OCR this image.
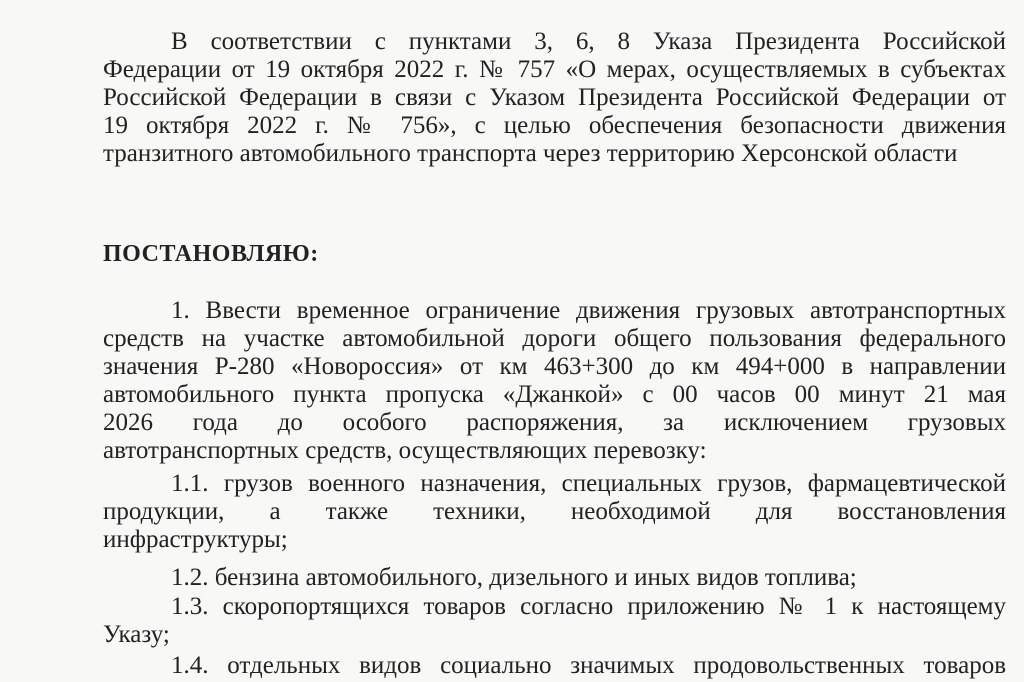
В соответствии с пунктами 3, 6, 8 Указа Президента Российской
Федерации от 19 октября 2022 г. № 757 «О мерах, осуществляемых в субъектах
Российской Федерации в связи с Указом Президента Российской Федерации от
19 октября 2022 г. № 756», с целью обеспечения безопасности движения
транзитного автомобильного транспорта через территорию Херсонской области
ПОСТАНОВЛЯЮ:
1. Ввести временное ограничение движения грузовых автотранспортных
средств на участке автомобильной дороги общего пользования федерального
значения Р-280 «Новороссия» от км 463+300 до км 494+000 в направлении
автомобильного пункта пропуска «Джанкой» с 00 часов 00 минут 21 мая
2026 года до особого распоряжения, за исключением грузовых
автотранспортных средств, осуществляющих перевозку:
1.1. грузов военного назначения, специальных грузов, фармацевтической
продукции, а также техники, необходимой для восстановления
инфраструктуры;
1.2. бензина автомобильного, дизельного и иных видов топлива;
1.3. скоропортящихся товаров согласно приложению № 1 к настоящему
Указу;
1.4. отдельных видов социально значимых продовольственных товаров
